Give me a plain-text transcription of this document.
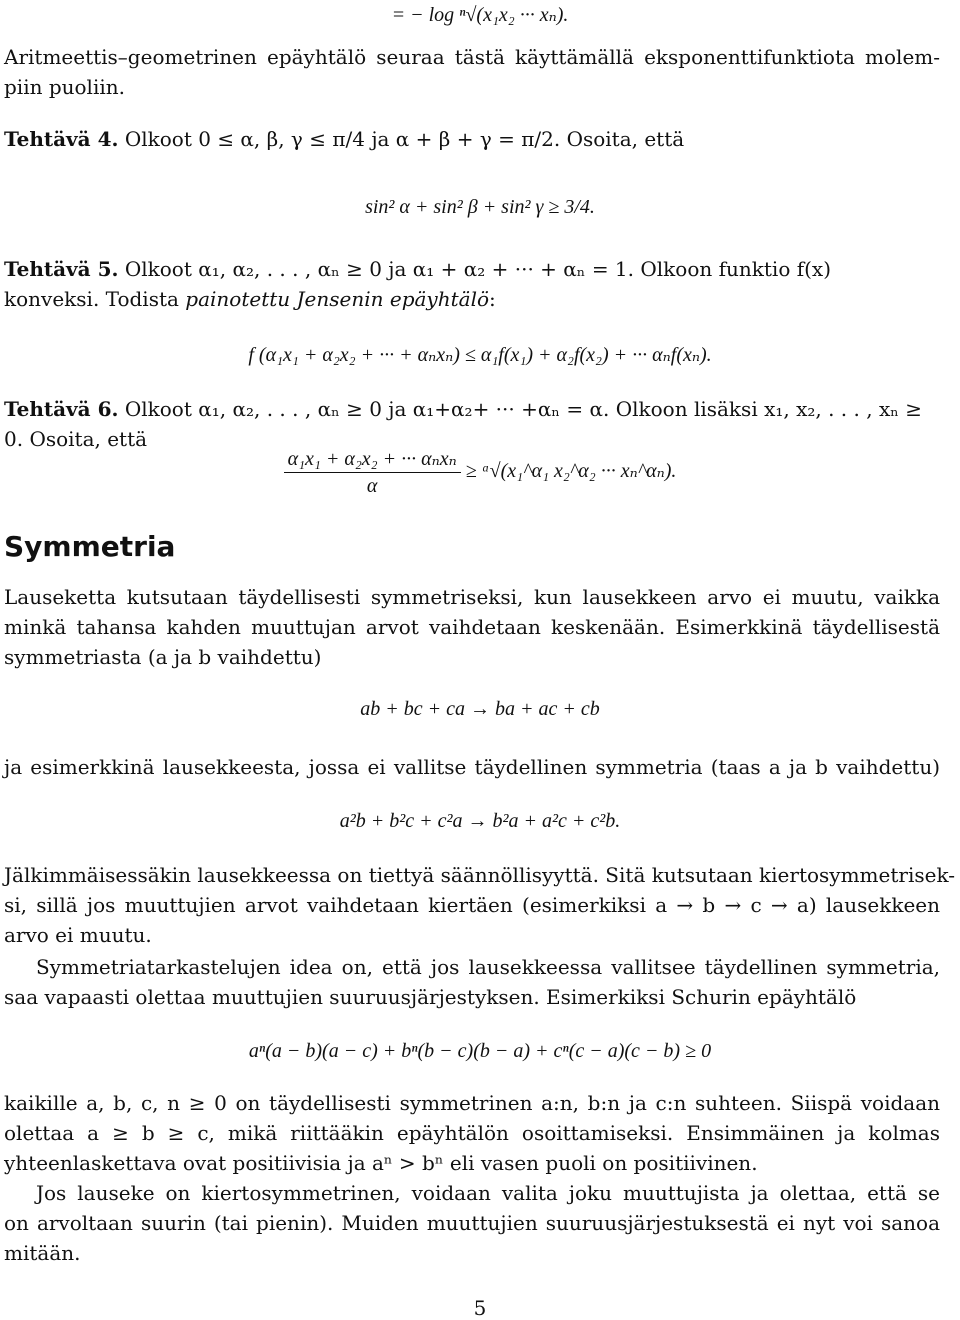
= − log ⁿ√(x₁x₂ ··· xₙ).
Aritmeettis–geometrinen epäyhtälö seuraa tästä käyttämällä eksponenttifunktiota molem-
piin puoliin.
Tehtävä 4. Olkoot 0 ≤ α, β, γ ≤ π/4 ja α + β + γ = π/2. Osoita, että
sin² α + sin² β + sin² γ ≥ 3/4.
Tehtävä 5. Olkoot α₁, α₂, . . . , αₙ ≥ 0 ja α₁ + α₂ + ··· + αₙ = 1. Olkoon funktio f(x)
konveksi. Todista painotettu Jensenin epäyhtälö:
f (α₁x₁ + α₂x₂ + ··· + αₙxₙ) ≤ α₁f(x₁) + α₂f(x₂) + ··· αₙf(xₙ).
Tehtävä 6. Olkoot α₁, α₂, . . . , αₙ ≥ 0 ja α₁+α₂+ ··· +αₙ = α. Olkoon lisäksi x₁, x₂, . . . , xₙ ≥
0. Osoita, että
$\frac{\text{α₁x₁ + α₂x₂ + ··· αₙxₙ}}{\alpha}$ ≥ ᵅ√(x₁^α₁ x₂^α₂ ··· xₙ^αₙ).
Symmetria
Lauseketta kutsutaan täydellisesti symmetriseksi, kun lausekkeen arvo ei muutu, vaikka
minkä tahansa kahden muuttujan arvot vaihdetaan keskenään. Esimerkkinä täydellisestä
symmetriasta (a ja b vaihdettu)
ab + bc + ca → ba + ac + cb
ja esimerkkinä lausekkeesta, jossa ei vallitse täydellinen symmetria (taas a ja b vaihdettu)
a²b + b²c + c²a → b²a + a²c + c²b.
Jälkimmäisessäkin lausekkeessa on tiettyä säännöllisyyttä. Sitä kutsutaan kiertosymmetrisek-
si, sillä jos muuttujien arvot vaihdetaan kiertäen (esimerkiksi a → b → c → a) lausekkeen
arvo ei muutu.
Symmetriatarkastelujen idea on, että jos lausekkeessa vallitsee täydellinen symmetria,
saa vapaasti olettaa muuttujien suuruusjärjestyksen. Esimerkiksi Schurin epäyhtälö
aⁿ(a − b)(a − c) + bⁿ(b − c)(b − a) + cⁿ(c − a)(c − b) ≥ 0
kaikille a, b, c, n ≥ 0 on täydellisesti symmetrinen a:n, b:n ja c:n suhteen. Siispä voidaan
olettaa a ≥ b ≥ c, mikä riittääkin epäyhtälön osoittamiseksi. Ensimmäinen ja kolmas
yhteenlaskettava ovat positiivisia ja aⁿ > bⁿ eli vasen puoli on positiivinen.
Jos lauseke on kiertosymmetrinen, voidaan valita joku muuttujista ja olettaa, että se
on arvoltaan suurin (tai pienin). Muiden muuttujien suuruusjärjestuksestä ei nyt voi sanoa
mitään.
5
